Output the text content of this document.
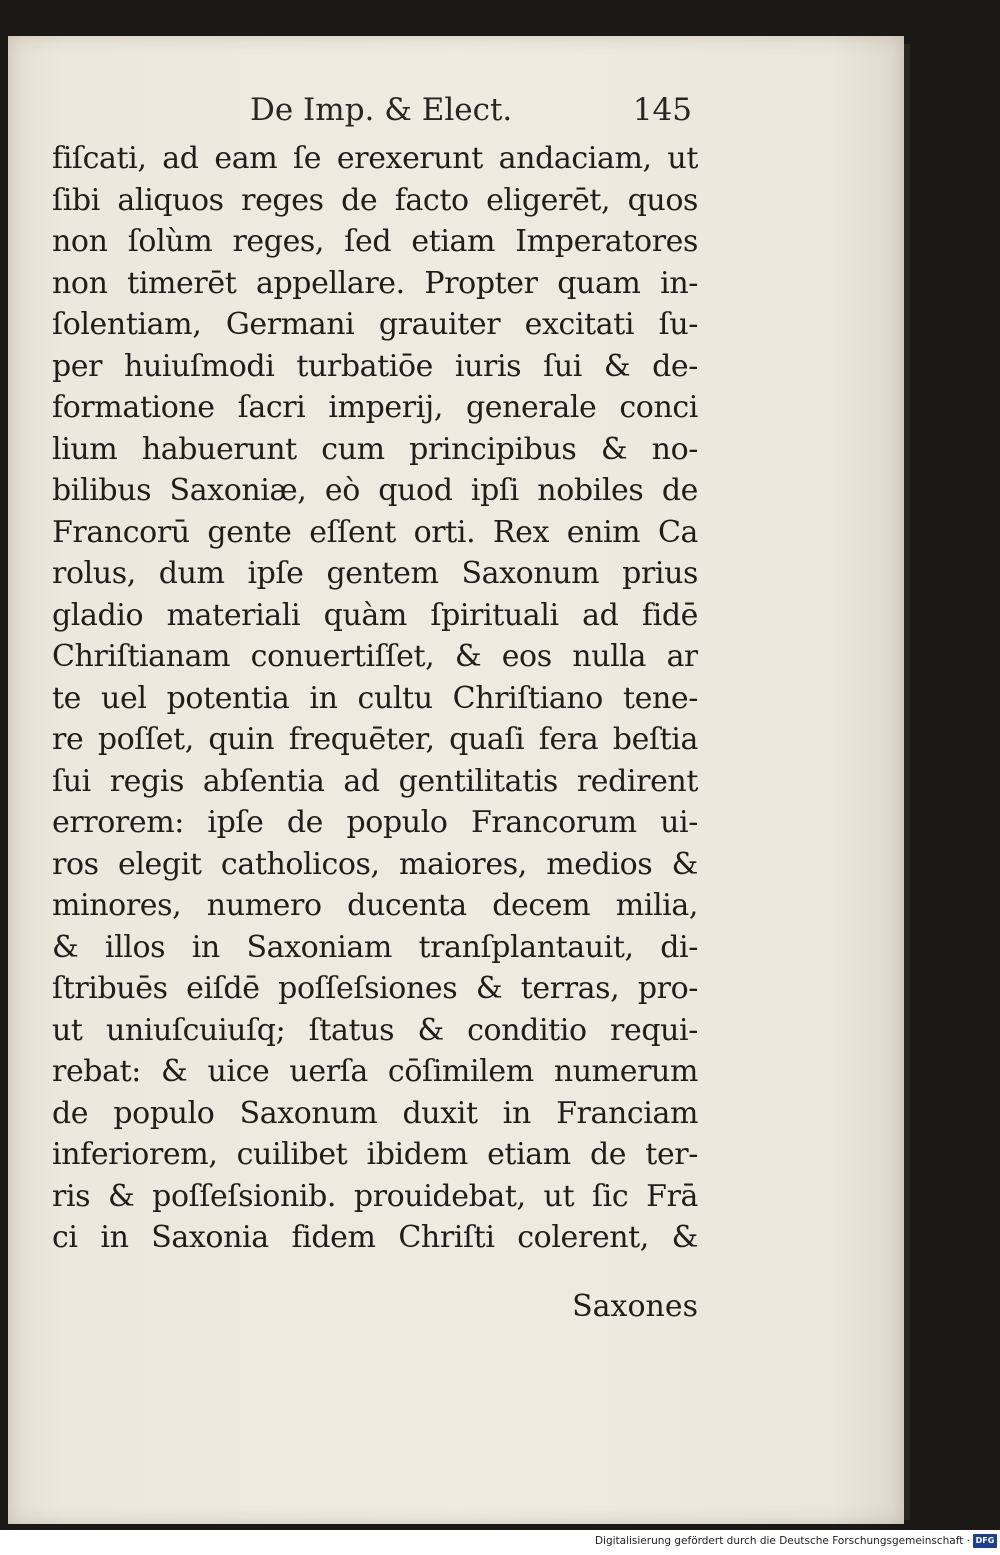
De Imp. & Elect.	145
fiſcati, ad eam ſe erexerunt andaciam, ut
ſibi aliquos reges de facto eligerēt, quos
non ſolùm reges, ſed etiam Imperatores
non timerēt appellare. Propter quam in-
ſolentiam, Germani grauiter excitati ſu-
per huiuſmodi turbatiōe iuris ſui & de-
formatione ſacri imperij, generale conci
lium habuerunt cum principibus & no-
bilibus Saxoniæ, eò quod ipſi nobiles de
Francorū gente eſſent orti. Rex enim Ca
rolus, dum ipſe gentem Saxonum prius
gladio materiali quàm ſpirituali ad fidē
Chriſtianam conuertiſſet, & eos nulla ar
te uel potentia in cultu Chriſtiano tene-
re poſſet, quin frequēter, quaſi fera beſtia
ſui regis abſentia ad gentilitatis redirent
errorem: ipſe de populo Francorum ui-
ros elegit catholicos, maiores, medios &
minores, numero ducenta decem milia,
& illos in Saxoniam tranſplantauit, di-
ſtribuēs eiſdē poſſeſsiones & terras, pro-
ut uniuſcuiuſq; ſtatus & conditio requi-
rebat: & uice uerſa cōſimilem numerum
de populo Saxonum duxit in Franciam
inferiorem, cuilibet ibidem etiam de ter-
ris & poſſeſsionib. prouidebat, ut ſic Frā
ci in Saxonia fidem Chriſti colerent, &
Saxones
Digitalisierung gefördert durch die Deutsche Forschungsgemeinschaft · DFG
